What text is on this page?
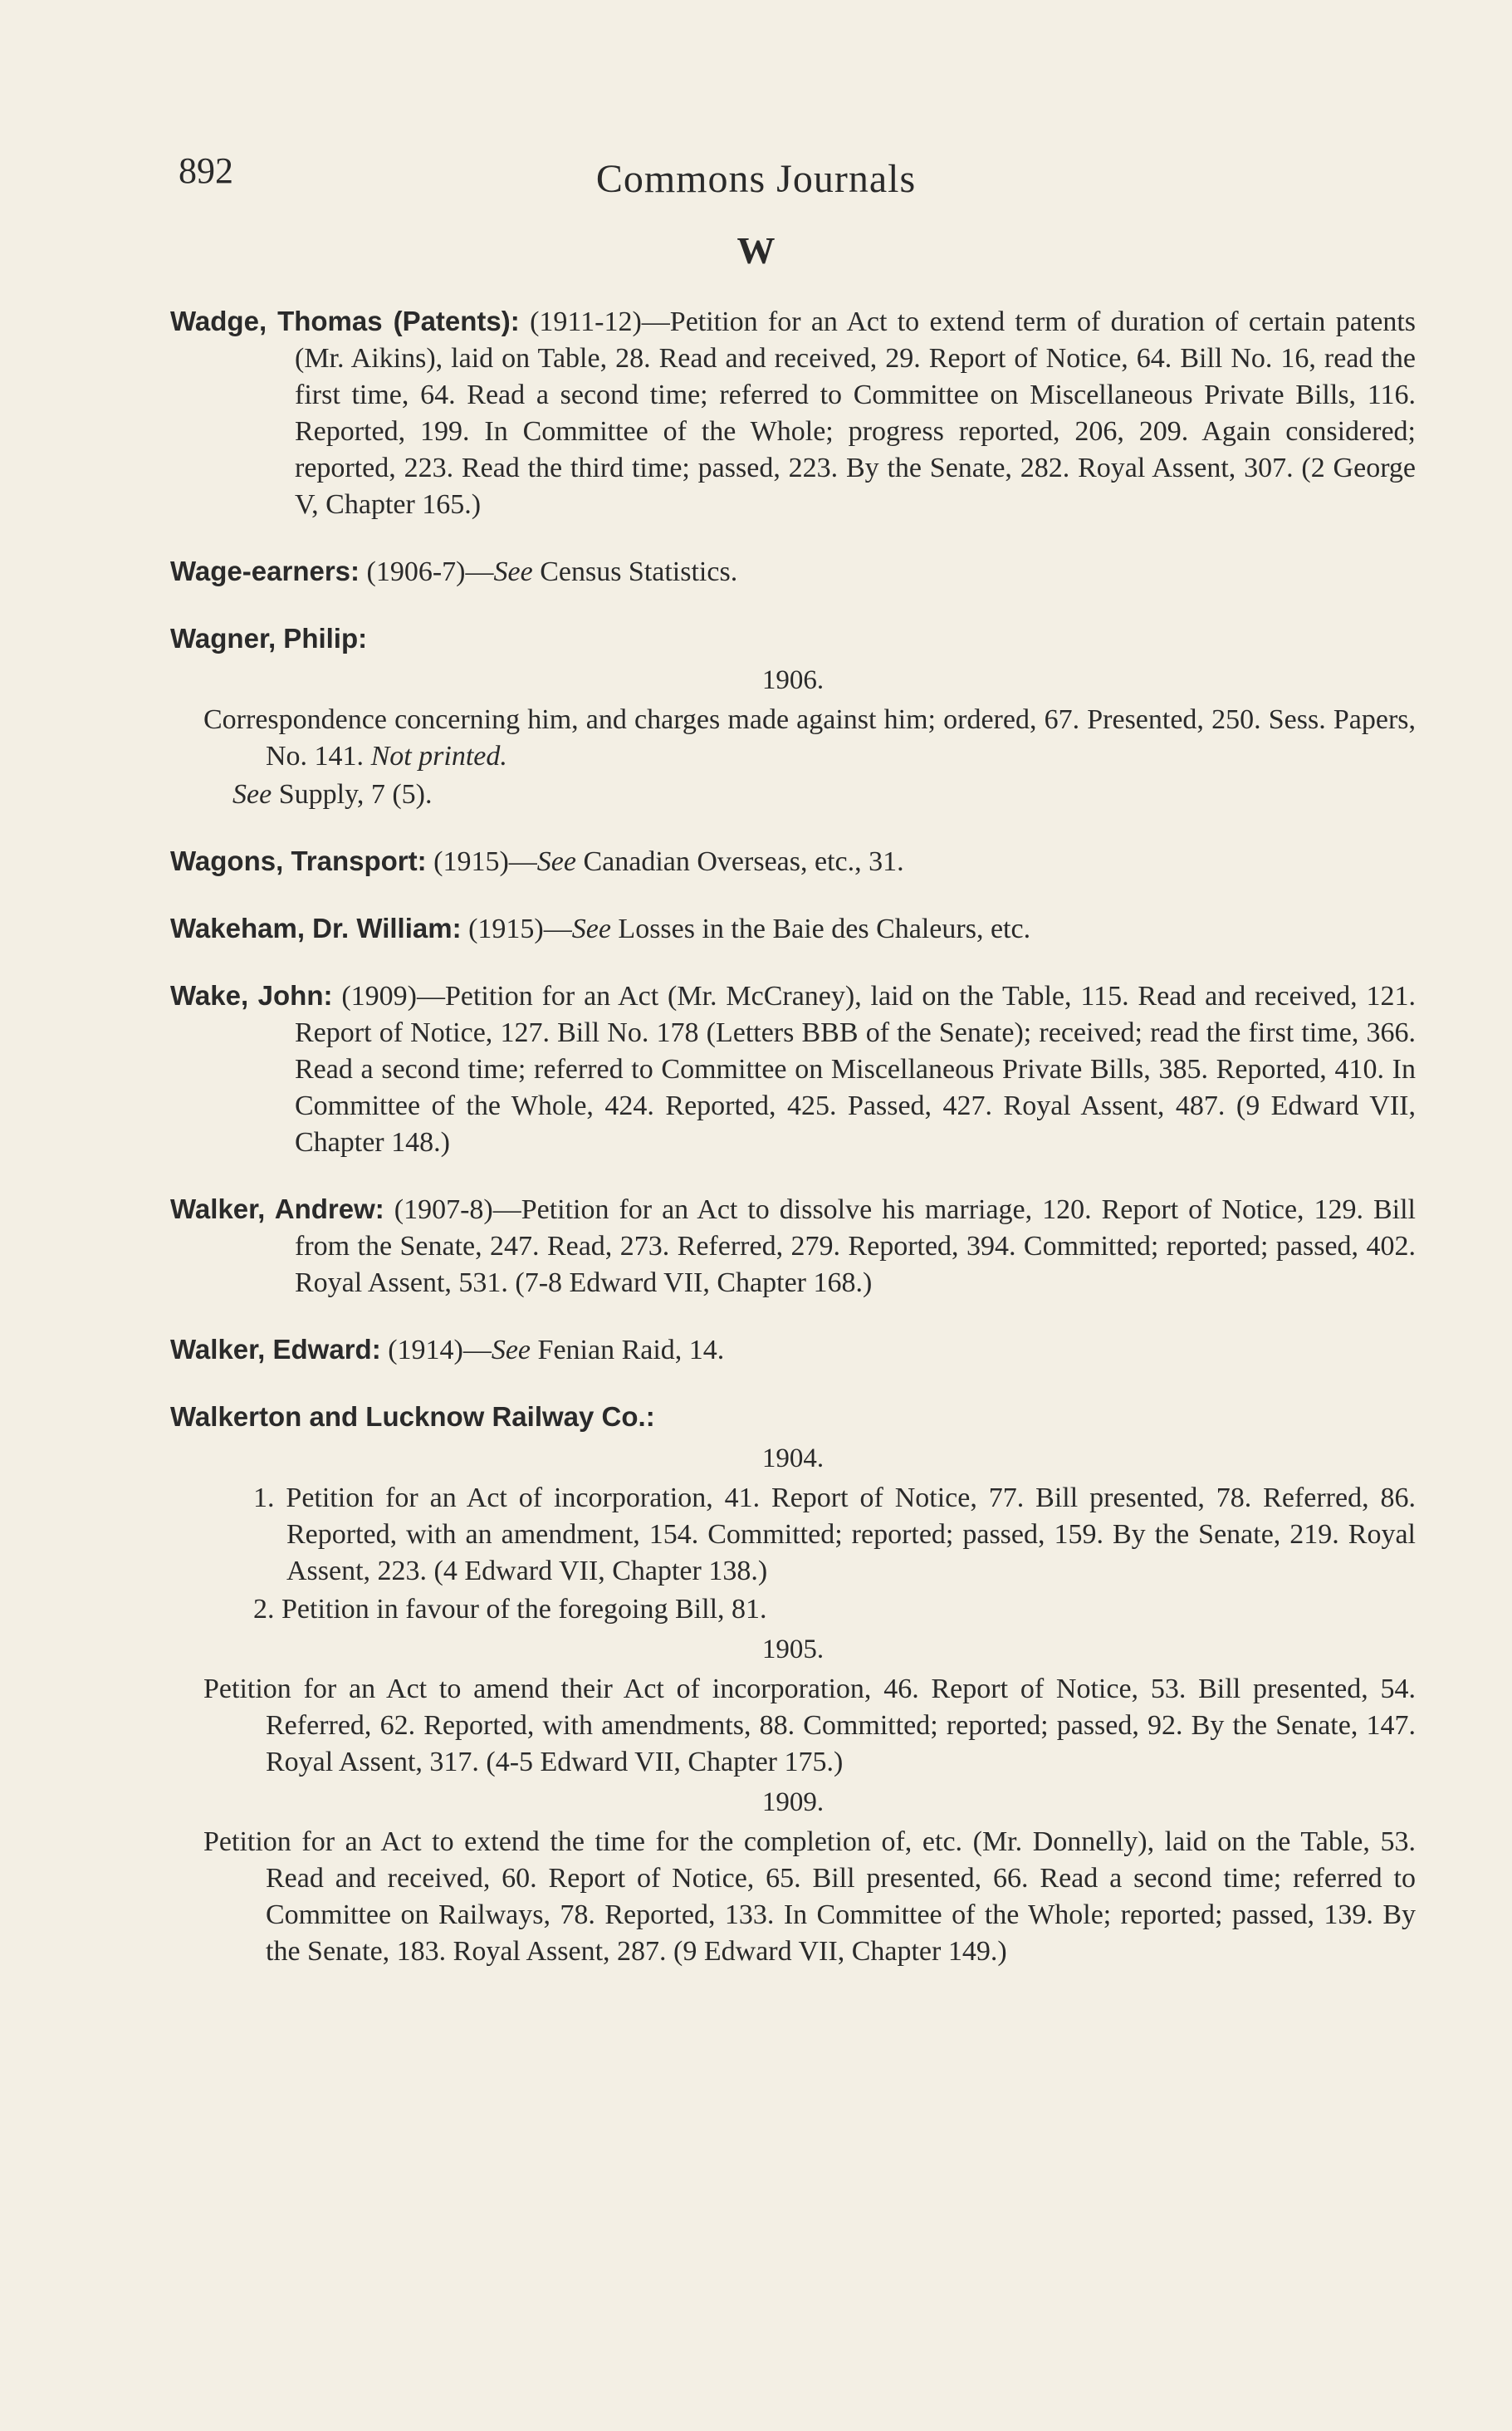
892	Commons Journals
W
Wadge, Thomas (Patents): (1911-12)—Petition for an Act to extend term of duration of certain patents (Mr. Aikins), laid on Table, 28. Read and received, 29. Report of Notice, 64. Bill No. 16, read the first time, 64. Read a second time; referred to Committee on Miscellaneous Private Bills, 116. Reported, 199. In Committee of the Whole; progress reported, 206, 209. Again considered; reported, 223. Read the third time; passed, 223. By the Senate, 282. Royal Assent, 307. (2 George V, Chapter 165.)
Wage-earners: (1906-7)—See Census Statistics.
Wagner, Philip:
1906.
Correspondence concerning him, and charges made against him; ordered, 67. Presented, 250. Sess. Papers, No. 141. Not printed.
See Supply, 7 (5).
Wagons, Transport: (1915)—See Canadian Overseas, etc., 31.
Wakeham, Dr. William: (1915)—See Losses in the Baie des Chaleurs, etc.
Wake, John: (1909)—Petition for an Act (Mr. McCraney), laid on the Table, 115. Read and received, 121. Report of Notice, 127. Bill No. 178 (Letters BBB of the Senate); received; read the first time, 366. Read a second time; referred to Committee on Miscellaneous Private Bills, 385. Reported, 410. In Committee of the Whole, 424. Reported, 425. Passed, 427. Royal Assent, 487. (9 Edward VII, Chapter 148.)
Walker, Andrew: (1907-8)—Petition for an Act to dissolve his marriage, 120. Report of Notice, 129. Bill from the Senate, 247. Read, 273. Referred, 279. Reported, 394. Committed; reported; passed, 402. Royal Assent, 531. (7-8 Edward VII, Chapter 168.)
Walker, Edward: (1914)—See Fenian Raid, 14.
Walkerton and Lucknow Railway Co.:
1904.
1. Petition for an Act of incorporation, 41. Report of Notice, 77. Bill presented, 78. Referred, 86. Reported, with an amendment, 154. Committed; reported; passed, 159. By the Senate, 219. Royal Assent, 223. (4 Edward VII, Chapter 138.)
2. Petition in favour of the foregoing Bill, 81.
1905.
Petition for an Act to amend their Act of incorporation, 46. Report of Notice, 53. Bill presented, 54. Referred, 62. Reported, with amendments, 88. Committed; reported; passed, 92. By the Senate, 147. Royal Assent, 317. (4-5 Edward VII, Chapter 175.)
1909.
Petition for an Act to extend the time for the completion of, etc. (Mr. Donnelly), laid on the Table, 53. Read and received, 60. Report of Notice, 65. Bill presented, 66. Read a second time; referred to Committee on Railways, 78. Reported, 133. In Committee of the Whole; reported; passed, 139. By the Senate, 183. Royal Assent, 287. (9 Edward VII, Chapter 149.)
